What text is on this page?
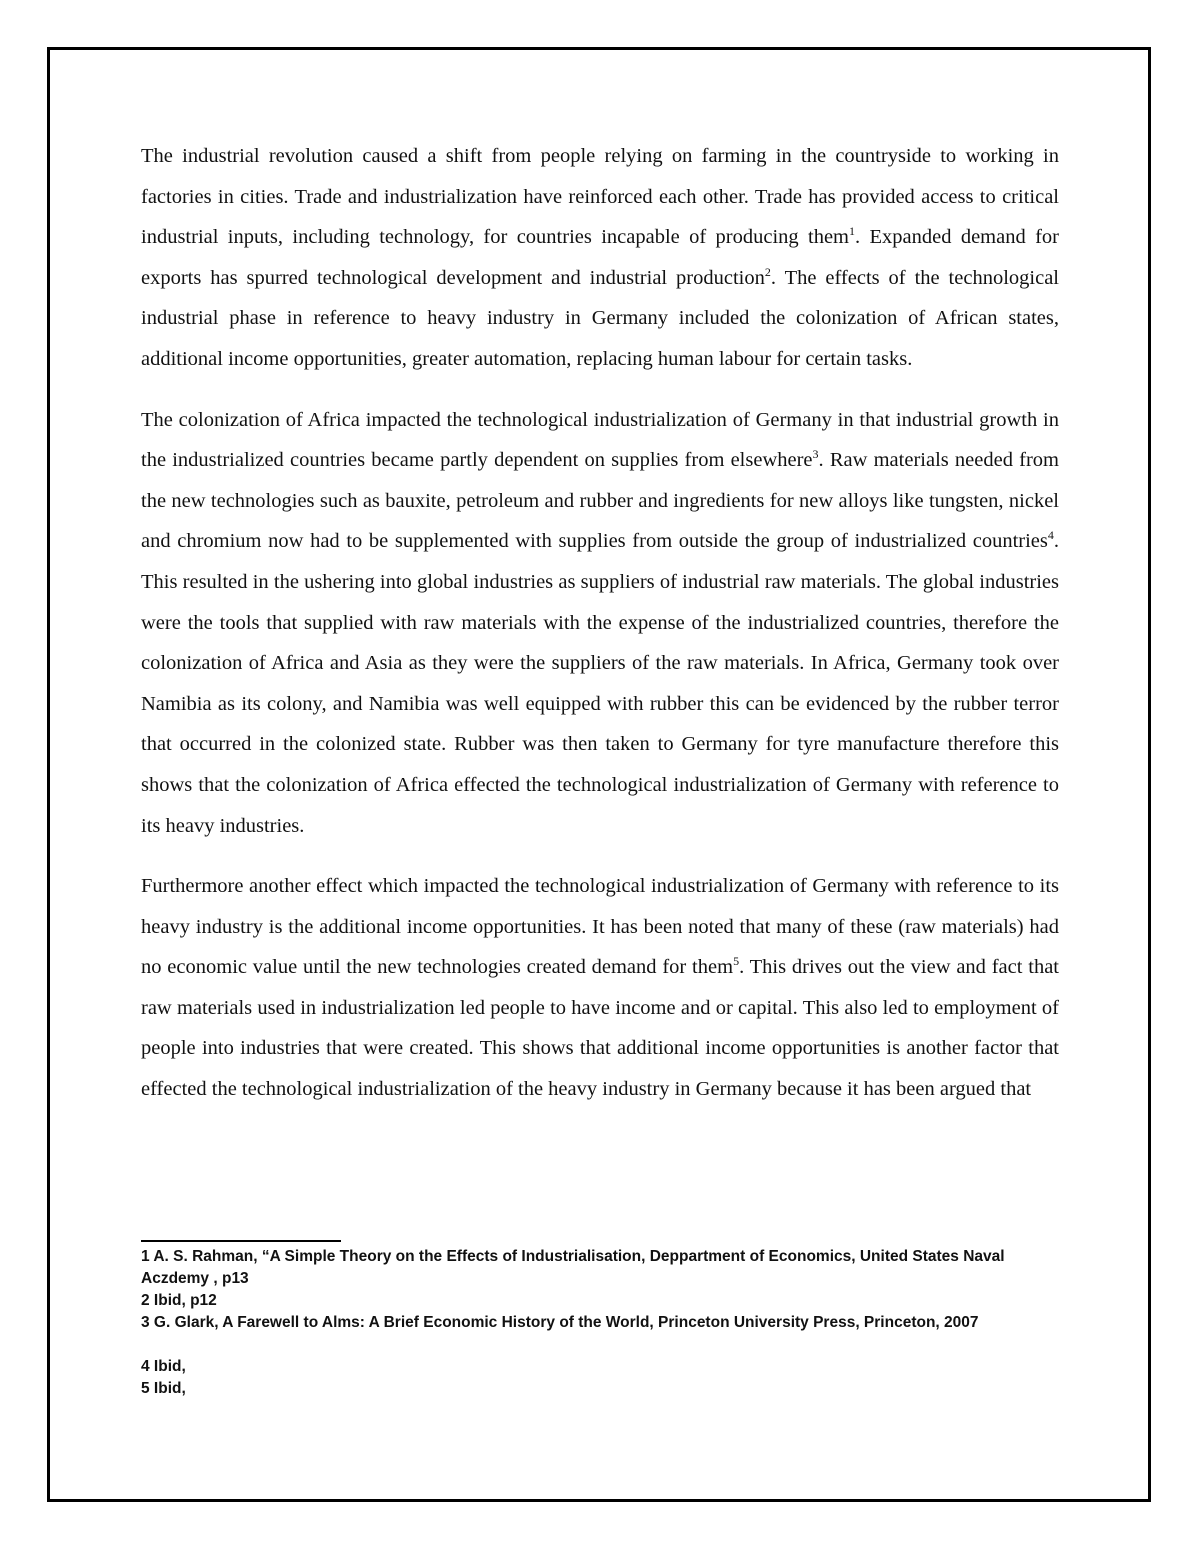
The industrial revolution caused a shift from people relying on farming in the countryside to working in factories in cities. Trade and industrialization have reinforced each other. Trade has provided access to critical industrial inputs, including technology, for countries incapable of producing them$^1$. Expanded demand for exports has spurred technological development and industrial production$^2$. The effects of the technological industrial phase in reference to heavy industry in Germany included the colonization of African states, additional income opportunities, greater automation, replacing human labour for certain tasks.

The colonization of Africa impacted the technological industrialization of Germany in that industrial growth in the industrialized countries became partly dependent on supplies from elsewhere$^3$. Raw materials needed from the new technologies such as bauxite, petroleum and rubber and ingredients for new alloys like tungsten, nickel and chromium now had to be supplemented with supplies from outside the group of industrialized countries$^4$. This resulted in the ushering into global industries as suppliers of industrial raw materials. The global industries were the tools that supplied with raw materials with the expense of the industrialized countries, therefore the colonization of Africa and Asia as they were the suppliers of the raw materials. In Africa, Germany took over Namibia as its colony, and Namibia was well equipped with rubber this can be evidenced by the rubber terror that occurred in the colonized state. Rubber was then taken to Germany for tyre manufacture therefore this shows that the colonization of Africa effected the technological industrialization of Germany with reference to its heavy industries.

Furthermore another effect which impacted the technological industrialization of Germany with reference to its heavy industry is the additional income opportunities. It has been noted that many of these (raw materials) had no economic value until the new technologies created demand for them$^5$. This drives out the view and fact that raw materials used in industrialization led people to have income and or capital. This also led to employment of people into industries that were created. This shows that additional income opportunities is another factor that effected the technological industrialization of the heavy industry in Germany because it has been argued that

1 A. S. Rahman, “A Simple Theory on the Effects of Industrialisation, Deppartment of Economics, United States Naval Aczdemy , p13

2 Ibid, p12

3 G. Glark, A Farewell to Alms: A Brief Economic History of the World, Princeton University Press, Princeton, 2007

4 Ibid,

5 Ibid,
